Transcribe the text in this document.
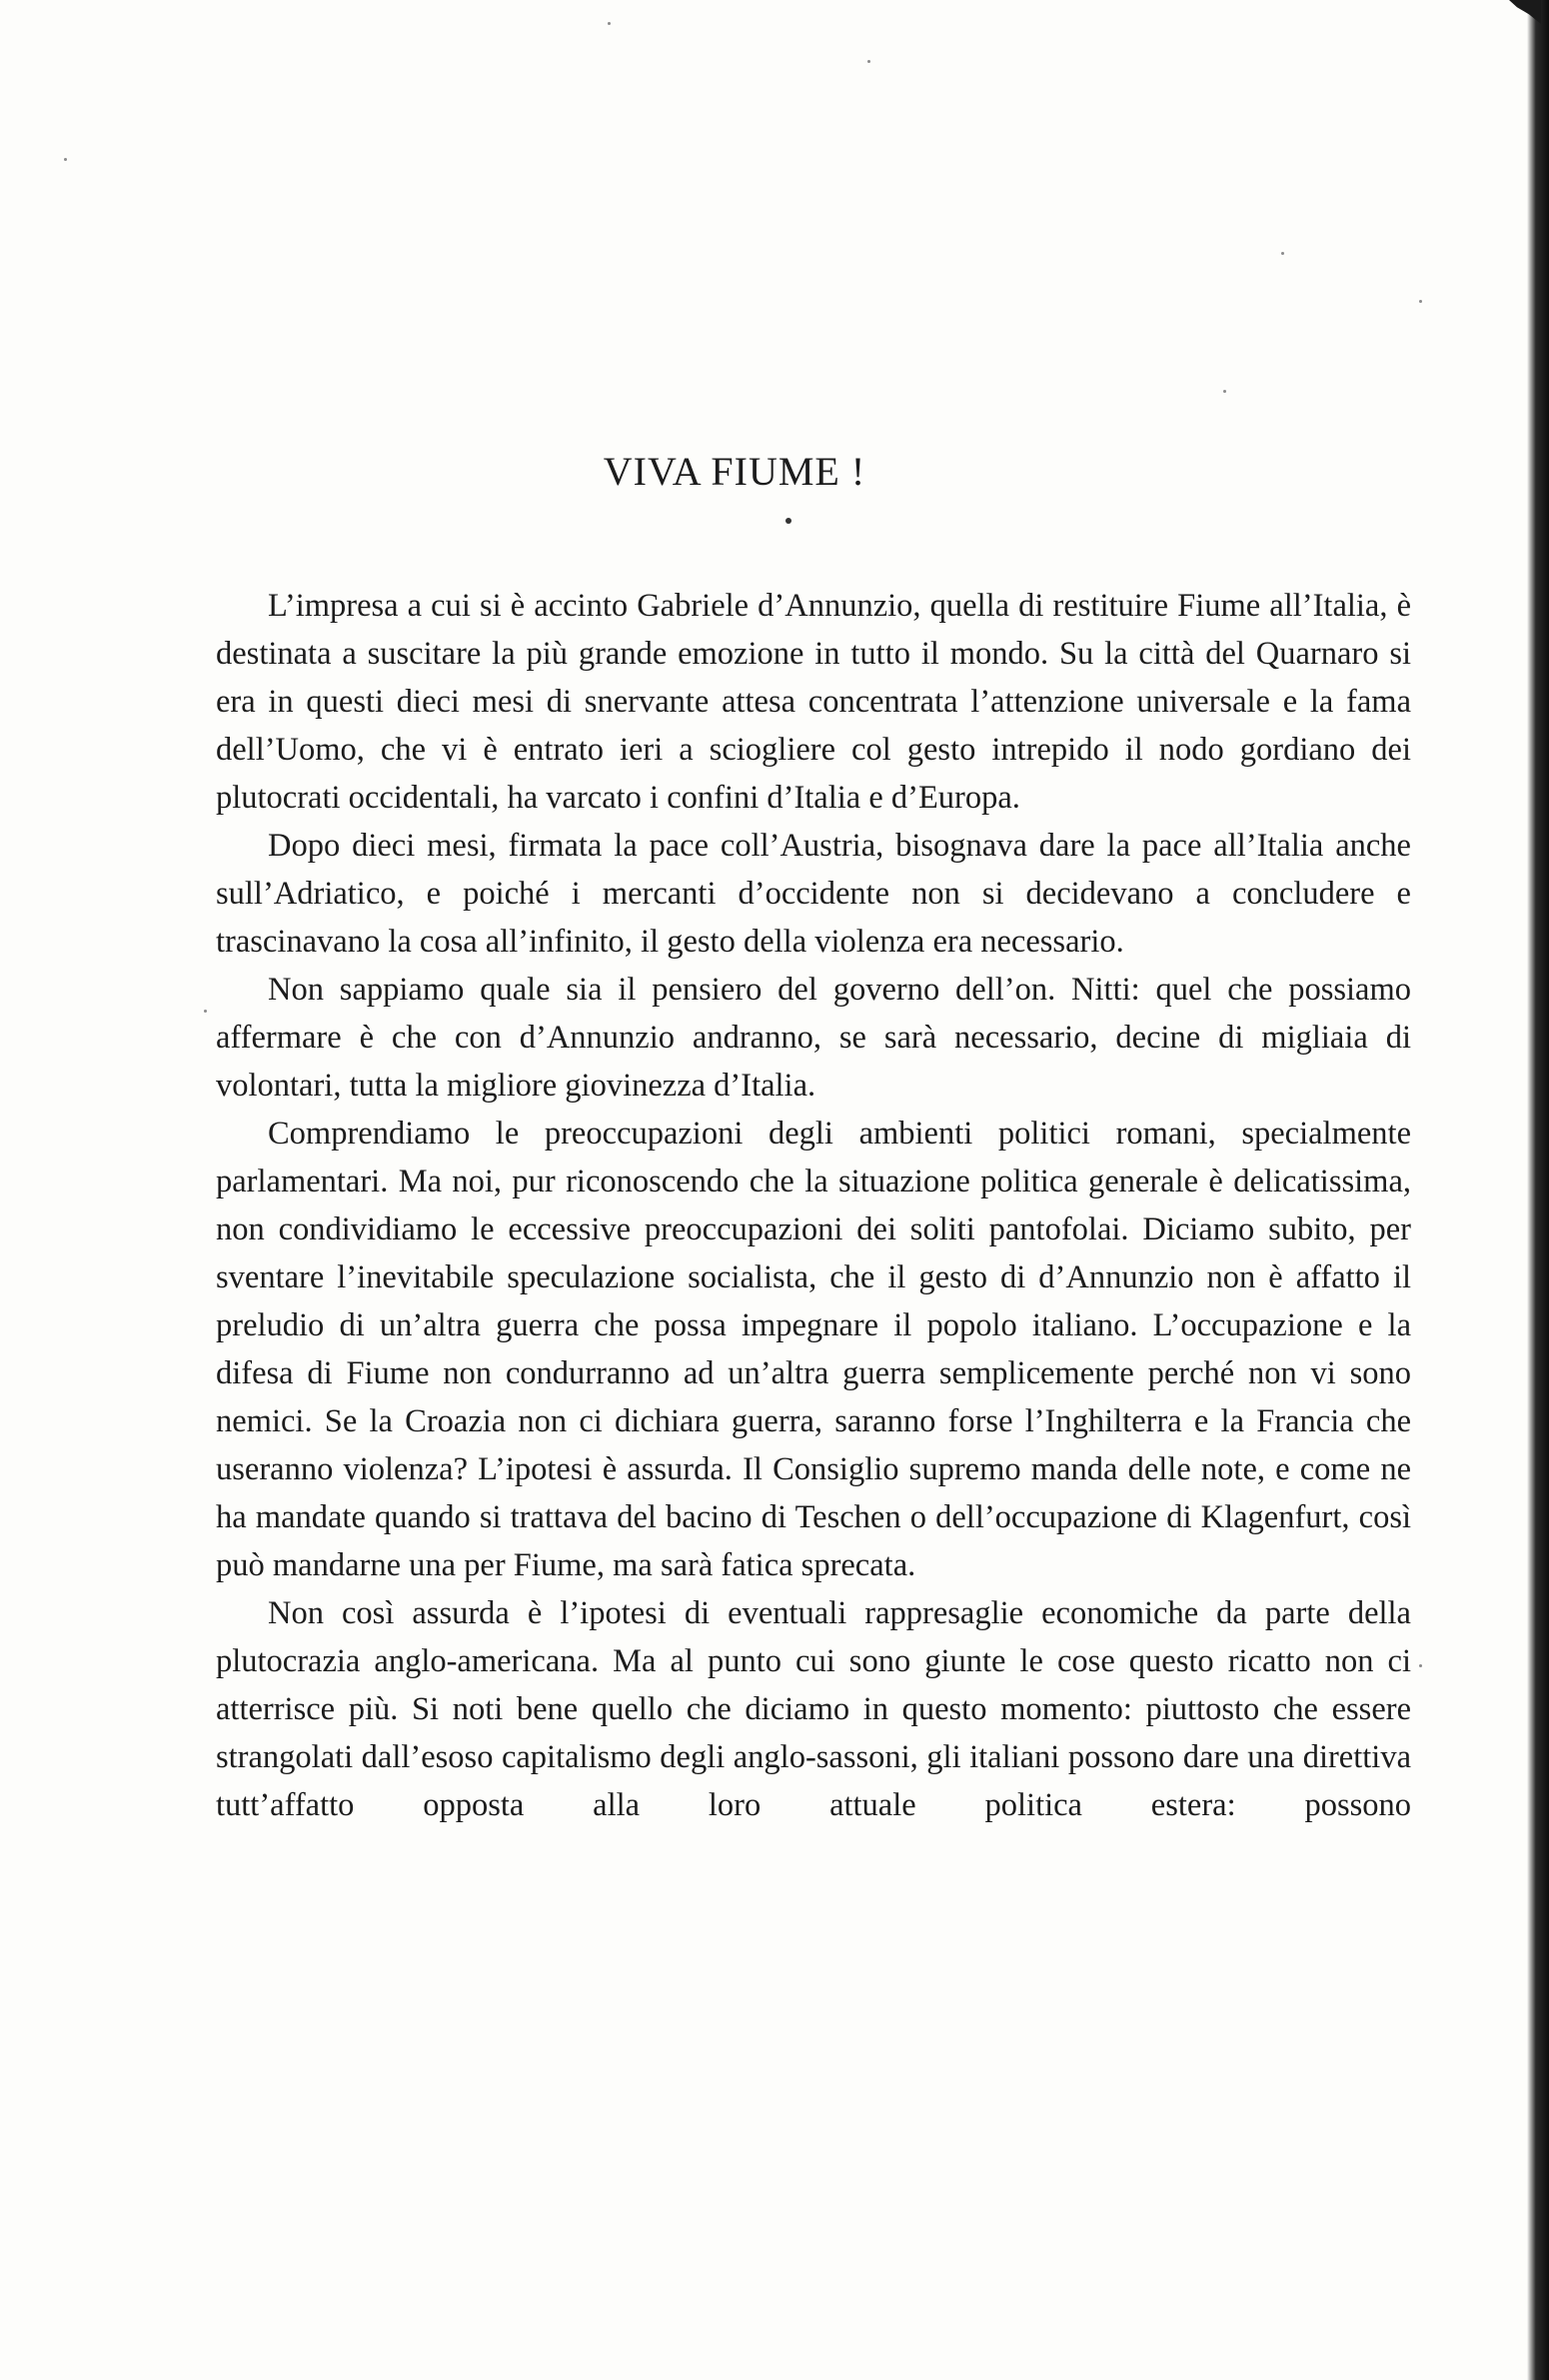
VIVA FIUME !

L’impresa a cui si è accinto Gabriele d’Annunzio, quella di restituire Fiume all’Italia, è destinata a suscitare la più grande emozione in tutto il mondo. Su la città del Quarnaro si era in questi dieci mesi di snervante attesa concentrata l’attenzione universale e la fama dell’Uomo, che vi è entrato ieri a sciogliere col gesto intrepido il nodo gordiano dei plutocrati occidentali, ha varcato i confini d’Italia e d’Europa.

Dopo dieci mesi, firmata la pace coll’Austria, bisognava dare la pace all’Italia anche sull’Adriatico, e poiché i mercanti d’occidente non si decidevano a concludere e trascinavano la cosa all’infinito, il gesto della violenza era necessario.

Non sappiamo quale sia il pensiero del governo dell’on. Nitti: quel che possiamo affermare è che con d’Annunzio andranno, se sarà necessario, decine di migliaia di volontari, tutta la migliore giovinezza d’Italia.

Comprendiamo le preoccupazioni degli ambienti politici romani, specialmente parlamentari. Ma noi, pur riconoscendo che la situazione politica generale è delicatissima, non condividiamo le eccessive preoccupazioni dei soliti pantofolai. Diciamo subito, per sventare l’inevitabile speculazione socialista, che il gesto di d’Annunzio non è affatto il preludio di un’altra guerra che possa impegnare il popolo italiano. L’occupazione e la difesa di Fiume non condurranno ad un’altra guerra semplicemente perché non vi sono nemici. Se la Croazia non ci dichiara guerra, saranno forse l’Inghilterra e la Francia che useranno violenza? L’ipotesi è assurda. Il Consiglio supremo manda delle note, e come ne ha mandate quando si trattava del bacino di Teschen o dell’occupazione di Klagenfurt, così può mandarne una per Fiume, ma sarà fatica sprecata.

Non così assurda è l’ipotesi di eventuali rappresaglie economiche da parte della plutocrazia anglo-americana. Ma al punto cui sono giunte le cose questo ricatto non ci atterrisce più. Si noti bene quello che diciamo in questo momento: piuttosto che essere strangolati dall’esoso capitalismo degli anglo-sassoni, gli italiani possono dare una direttiva tutt’affatto opposta alla loro attuale politica estera: possono
